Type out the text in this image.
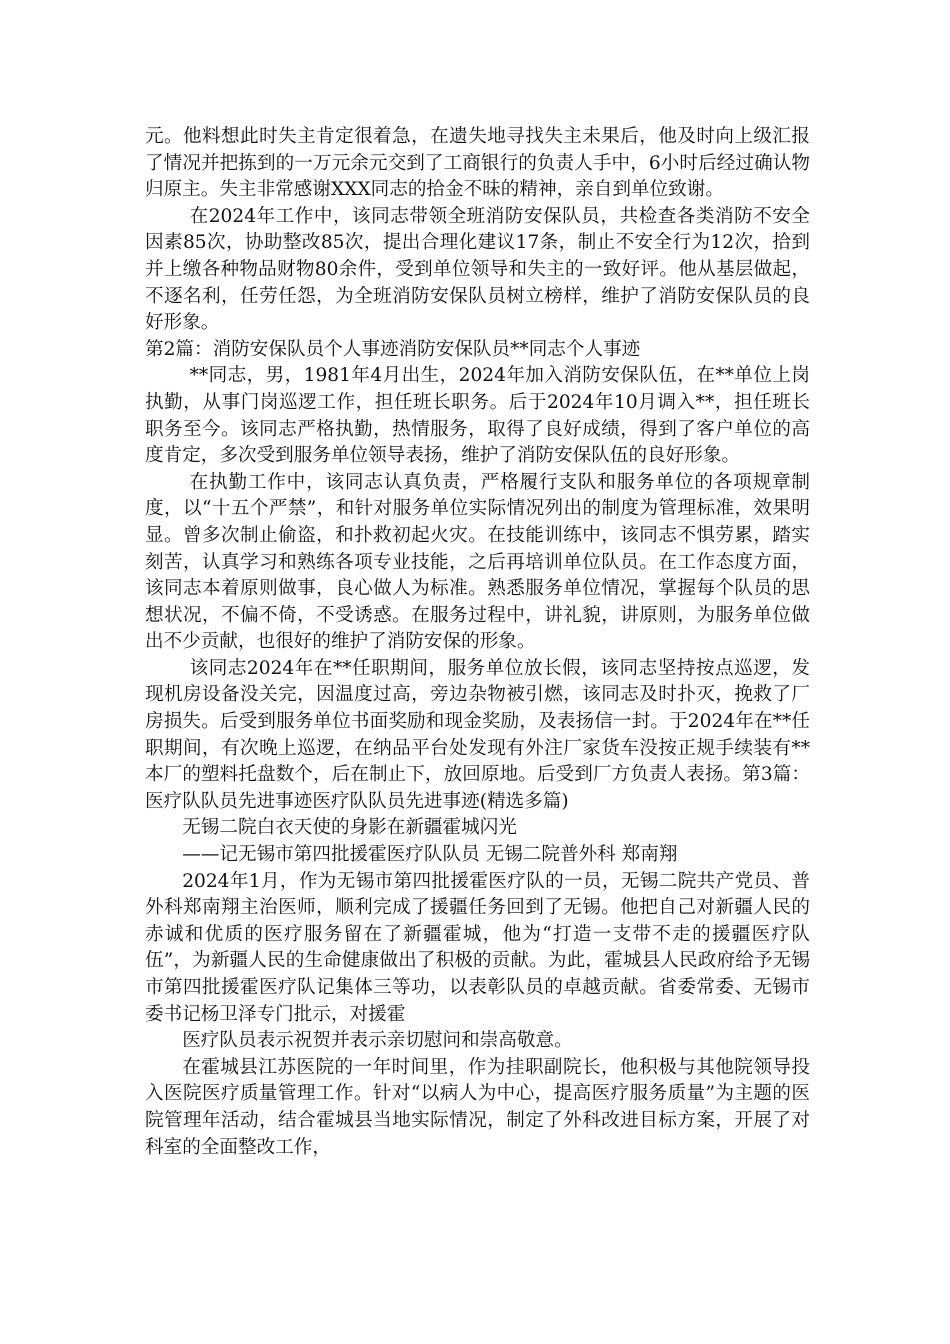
元。他料想此时失主肯定很着急，在遗失地寻找失主未果后，他及时向上级汇报了情况并把拣到的一万元余元交到了工商银行的负责人手中，6小时后经过确认物归原主。失主非常感谢XXX同志的拾金不昧的精神，亲自到单位致谢。

在2024年工作中，该同志带领全班消防安保队员，共检查各类消防不安全因素85次，协助整改85次，提出合理化建议17条，制止不安全行为12次，拾到并上缴各种物品财物80余件，受到单位领导和失主的一致好评。他从基层做起，不逐名利，任劳任怨，为全班消防安保队员树立榜样，维护了消防安保队员的良好形象。

第2篇：消防安保队员个人事迹消防安保队员**同志个人事迹

**同志，男，1981年4月出生，2024年加入消防安保队伍，在**单位上岗执勤，从事门岗巡逻工作，担任班长职务。后于2024年10月调入**，担任班长职务至今。该同志严格执勤，热情服务，取得了良好成绩，得到了客户单位的高度肯定，多次受到服务单位领导表扬，维护了消防安保队伍的良好形象。

在执勤工作中，该同志认真负责，严格履行支队和服务单位的各项规章制度，以“十五个严禁”，和针对服务单位实际情况列出的制度为管理标准，效果明显。曾多次制止偷盗，和扑救初起火灾。在技能训练中，该同志不惧劳累，踏实刻苦，认真学习和熟练各项专业技能，之后再培训单位队员。在工作态度方面，该同志本着原则做事，良心做人为标准。熟悉服务单位情况，掌握每个队员的思想状况，不偏不倚，不受诱惑。在服务过程中，讲礼貌，讲原则，为服务单位做出不少贡献，也很好的维护了消防安保的形象。

该同志2024年在**任职期间，服务单位放长假，该同志坚持按点巡逻，发现机房设备没关完，因温度过高，旁边杂物被引燃，该同志及时扑灭，挽救了厂房损失。后受到服务单位书面奖励和现金奖励，及表扬信一封。于2024年在**任职期间，有次晚上巡逻，在纳品平台处发现有外注厂家货车没按正规手续装有**本厂的塑料托盘数个，后在制止下，放回原地。后受到厂方负责人表扬。第3篇：医疗队队员先进事迹医疗队队员先进事迹(精选多篇)

无锡二院白衣天使的身影在新疆霍城闪光

——记无锡市第四批援霍医疗队队员 无锡二院普外科 郑南翔

2024年1月，作为无锡市第四批援霍医疗队的一员，无锡二院共产党员、普外科郑南翔主治医师，顺利完成了援疆任务回到了无锡。他把自己对新疆人民的赤诚和优质的医疗服务留在了新疆霍城，他为“打造一支带不走的援疆医疗队伍”，为新疆人民的生命健康做出了积极的贡献。为此，霍城县人民政府给予无锡市第四批援霍医疗队记集体三等功，以表彰队员的卓越贡献。省委常委、无锡市委书记杨卫泽专门批示，对援霍

医疗队员表示祝贺并表示亲切慰问和崇高敬意。

在霍城县江苏医院的一年时间里，作为挂职副院长，他积极与其他院领导投入医院医疗质量管理工作。针对“以病人为中心，提高医疗服务质量”为主题的医院管理年活动，结合霍城县当地实际情况，制定了外科改进目标方案，开展了对科室的全面整改工作，
